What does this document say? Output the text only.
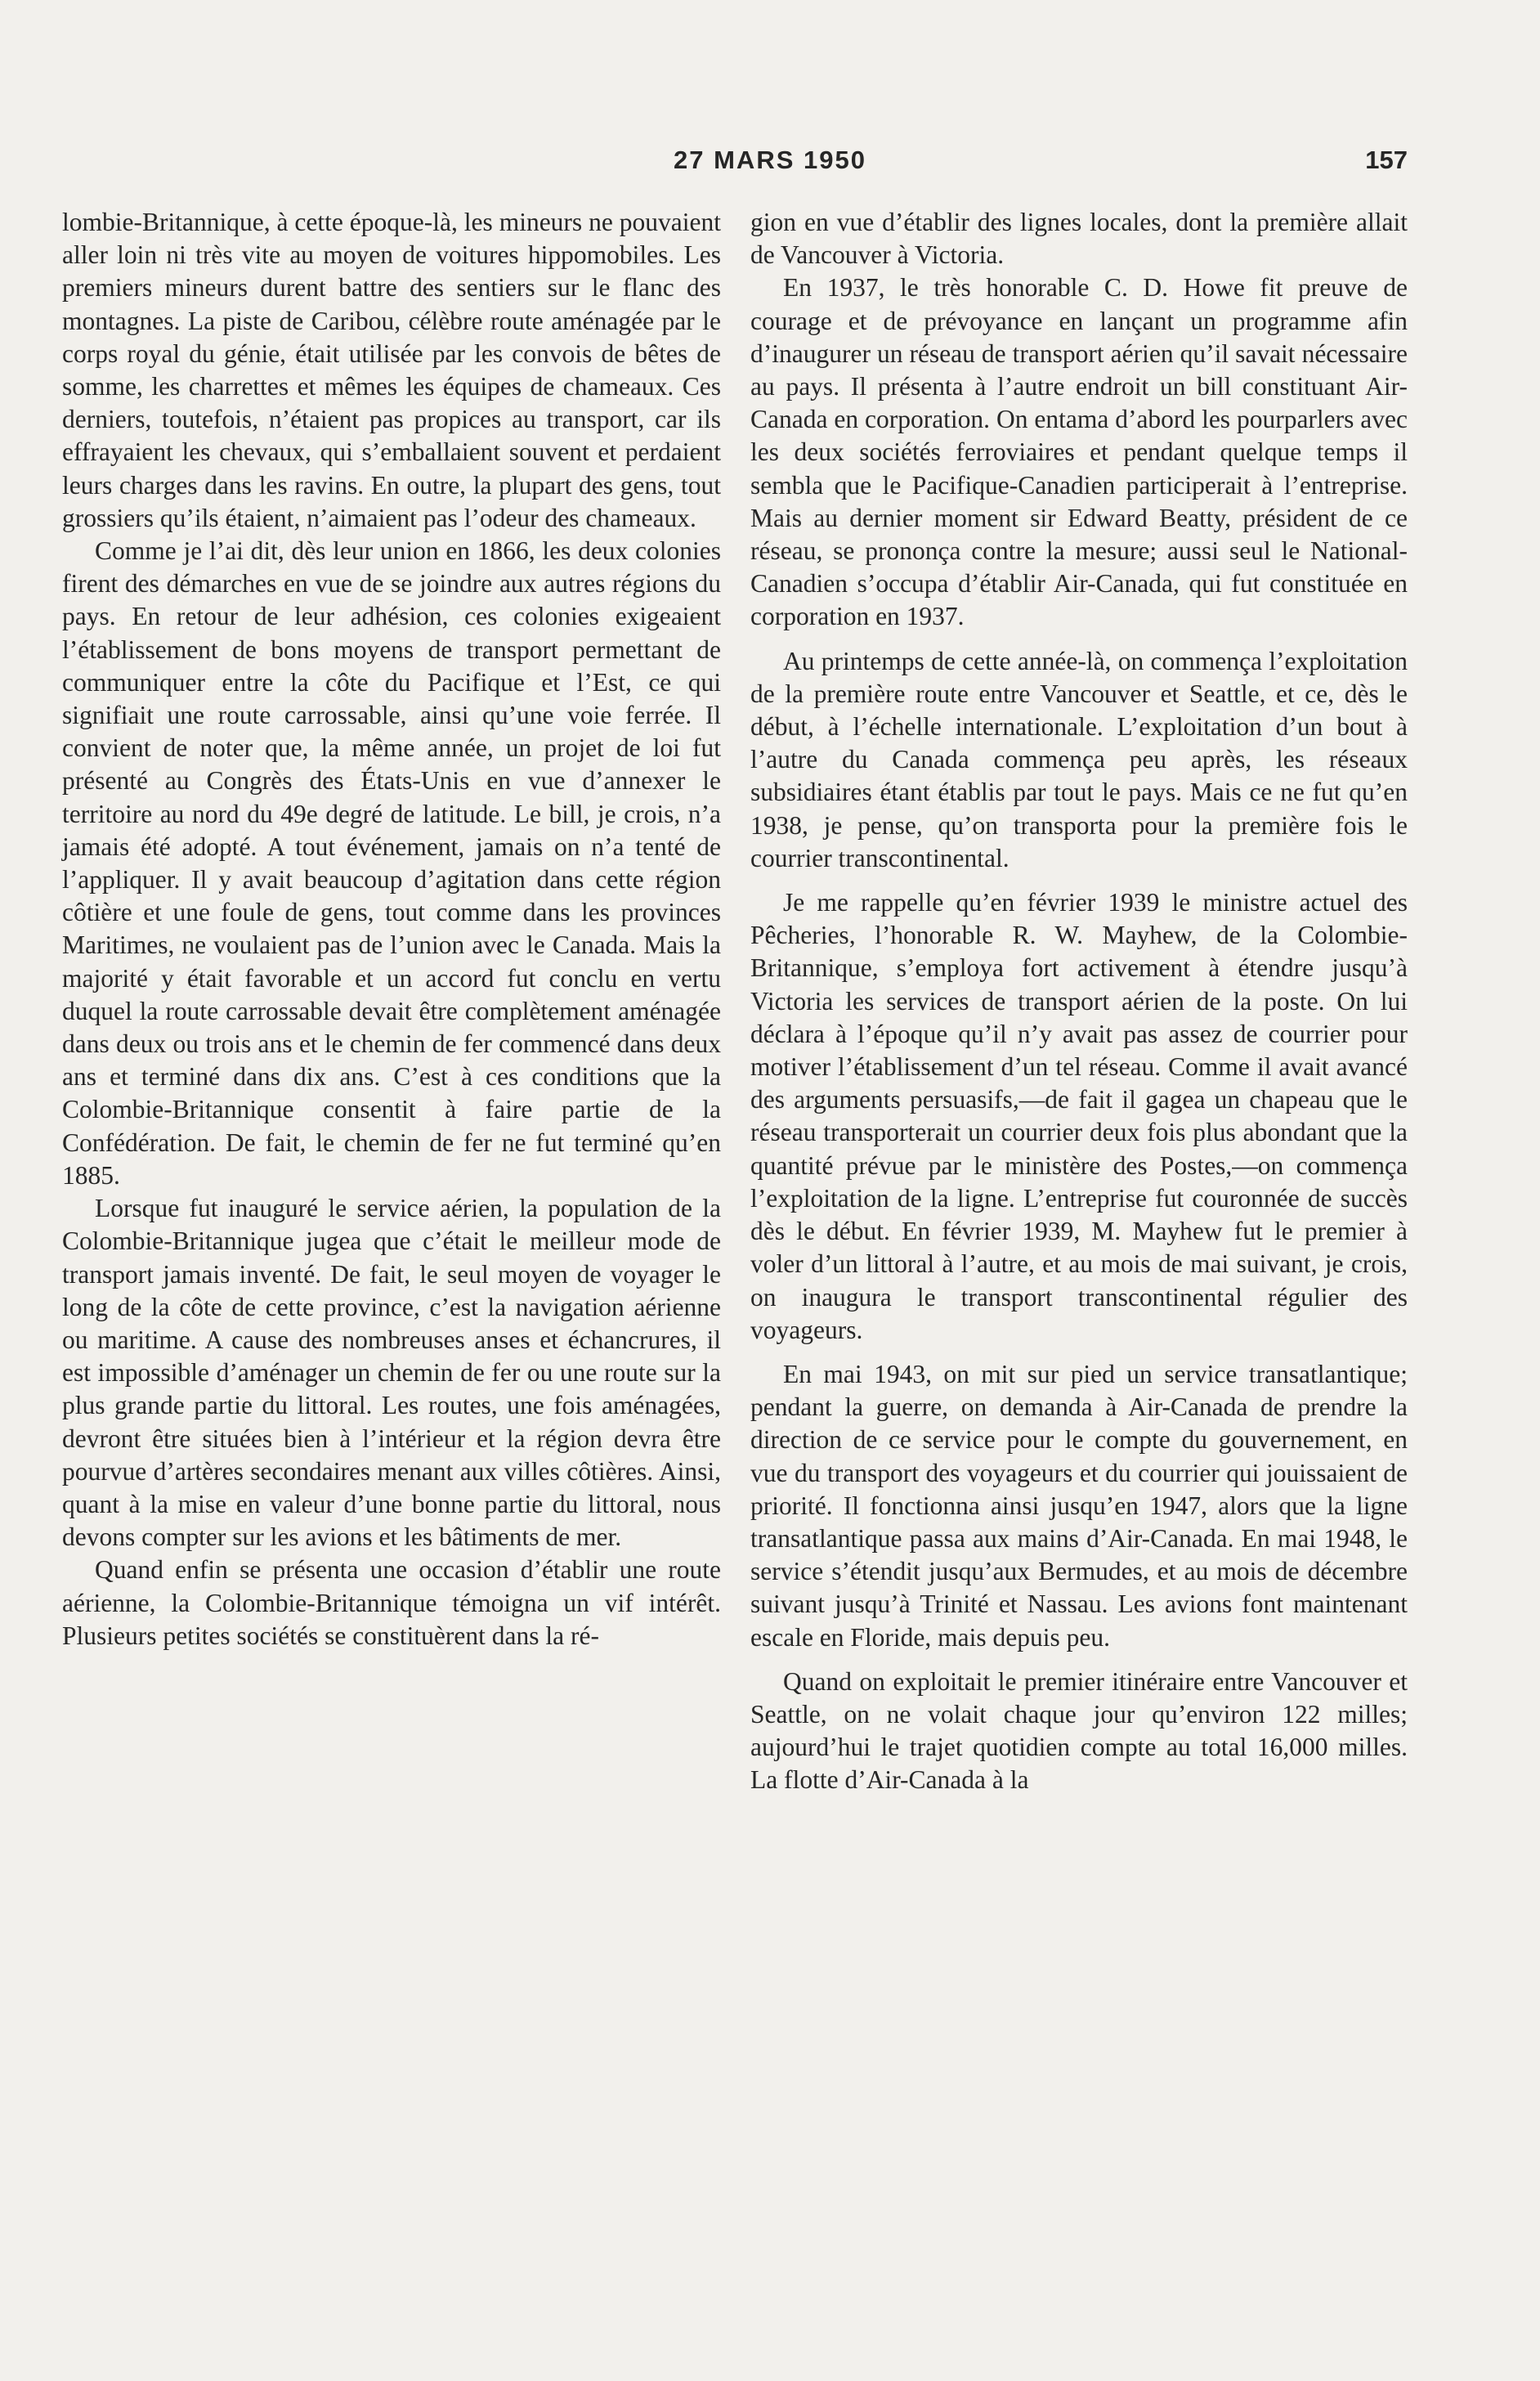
27 MARS 1950	157

lombie-Britannique, à cette époque-là, les mineurs ne pouvaient aller loin ni très vite au moyen de voitures hippomobiles. Les premiers mineurs durent battre des sentiers sur le flanc des montagnes. La piste de Caribou, célèbre route aménagée par le corps royal du génie, était utilisée par les convois de bêtes de somme, les charrettes et mêmes les équipes de chameaux. Ces derniers, toutefois, n’étaient pas propices au transport, car ils effrayaient les chevaux, qui s’emballaient souvent et perdaient leurs charges dans les ravins. En outre, la plupart des gens, tout grossiers qu’ils étaient, n’aimaient pas l’odeur des chameaux.

Comme je l’ai dit, dès leur union en 1866, les deux colonies firent des démarches en vue de se joindre aux autres régions du pays. En retour de leur adhésion, ces colonies exigeaient l’établissement de bons moyens de transport permettant de communiquer entre la côte du Pacifique et l’Est, ce qui signifiait une route carrossable, ainsi qu’une voie ferrée. Il convient de noter que, la même année, un projet de loi fut présenté au Congrès des États-Unis en vue d’annexer le territoire au nord du 49e degré de latitude. Le bill, je crois, n’a jamais été adopté. A tout événement, jamais on n’a tenté de l’appliquer. Il y avait beaucoup d’agitation dans cette région côtière et une foule de gens, tout comme dans les provinces Maritimes, ne voulaient pas de l’union avec le Canada. Mais la majorité y était favorable et un accord fut conclu en vertu duquel la route carrossable devait être complètement aménagée dans deux ou trois ans et le chemin de fer commencé dans deux ans et terminé dans dix ans. C’est à ces conditions que la Colombie-Britannique consentit à faire partie de la Confédération. De fait, le chemin de fer ne fut terminé qu’en 1885.

Lorsque fut inauguré le service aérien, la population de la Colombie-Britannique jugea que c’était le meilleur mode de transport jamais inventé. De fait, le seul moyen de voyager le long de la côte de cette province, c’est la navigation aérienne ou maritime. A cause des nombreuses anses et échancrures, il est impossible d’aménager un chemin de fer ou une route sur la plus grande partie du littoral. Les routes, une fois aménagées, devront être situées bien à l’intérieur et la région devra être pourvue d’artères secondaires menant aux villes côtières. Ainsi, quant à la mise en valeur d’une bonne partie du littoral, nous devons compter sur les avions et les bâtiments de mer.

Quand enfin se présenta une occasion d’établir une route aérienne, la Colombie-Britannique témoigna un vif intérêt. Plusieurs petites sociétés se constituèrent dans la ré-

gion en vue d’établir des lignes locales, dont la première allait de Vancouver à Victoria.

En 1937, le très honorable C. D. Howe fit preuve de courage et de prévoyance en lançant un programme afin d’inaugurer un réseau de transport aérien qu’il savait nécessaire au pays. Il présenta à l’autre endroit un bill constituant Air-Canada en corporation. On entama d’abord les pourparlers avec les deux sociétés ferroviaires et pendant quelque temps il sembla que le Pacifique-Canadien participerait à l’entreprise. Mais au dernier moment sir Edward Beatty, président de ce réseau, se prononça contre la mesure; aussi seul le National-Canadien s’occupa d’établir Air-Canada, qui fut constituée en corporation en 1937.

Au printemps de cette année-là, on commença l’exploitation de la première route entre Vancouver et Seattle, et ce, dès le début, à l’échelle internationale. L’exploitation d’un bout à l’autre du Canada commença peu après, les réseaux subsidiaires étant établis par tout le pays. Mais ce ne fut qu’en 1938, je pense, qu’on transporta pour la première fois le courrier transcontinental.

Je me rappelle qu’en février 1939 le ministre actuel des Pêcheries, l’honorable R. W. Mayhew, de la Colombie-Britannique, s’employa fort activement à étendre jusqu’à Victoria les services de transport aérien de la poste. On lui déclara à l’époque qu’il n’y avait pas assez de courrier pour motiver l’établissement d’un tel réseau. Comme il avait avancé des arguments persuasifs,—de fait il gagea un chapeau que le réseau transporterait un courrier deux fois plus abondant que la quantité prévue par le ministère des Postes,—on commença l’exploitation de la ligne. L’entreprise fut couronnée de succès dès le début. En février 1939, M. Mayhew fut le premier à voler d’un littoral à l’autre, et au mois de mai suivant, je crois, on inaugura le transport transcontinental régulier des voyageurs.

En mai 1943, on mit sur pied un service transatlantique; pendant la guerre, on demanda à Air-Canada de prendre la direction de ce service pour le compte du gouvernement, en vue du transport des voyageurs et du courrier qui jouissaient de priorité. Il fonctionna ainsi jusqu’en 1947, alors que la ligne transatlantique passa aux mains d’Air-Canada. En mai 1948, le service s’étendit jusqu’aux Bermudes, et au mois de décembre suivant jusqu’à Trinité et Nassau. Les avions font maintenant escale en Floride, mais depuis peu.

Quand on exploitait le premier itinéraire entre Vancouver et Seattle, on ne volait chaque jour qu’environ 122 milles; aujourd’hui le trajet quotidien compte au total 16,000 milles. La flotte d’Air-Canada à la
